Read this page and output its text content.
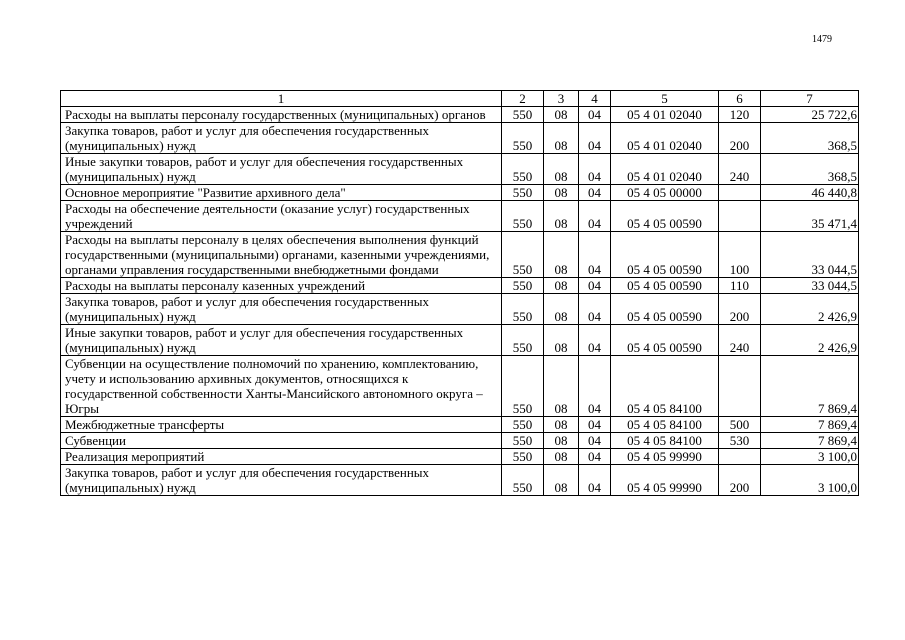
1479
1	2	3	4	5	6	7
Расходы на выплаты персоналу государственных (муниципальных) органов	550	08	04	05 4 01 02040	120	25 722,6
Закупка товаров, работ и услуг для обеспечения государственных (муниципальных) нужд	550	08	04	05 4 01 02040	200	368,5
Иные закупки товаров, работ и услуг для обеспечения государственных (муниципальных) нужд	550	08	04	05 4 01 02040	240	368,5
Основное мероприятие "Развитие архивного дела"	550	08	04	05 4 05 00000		46 440,8
Расходы на обеспечение деятельности (оказание услуг) государственных учреждений	550	08	04	05 4 05 00590		35 471,4
Расходы на выплаты персоналу в целях обеспечения выполнения функций государственными (муниципальными) органами, казенными учреждениями, органами управления государственными внебюджетными фондами	550	08	04	05 4 05 00590	100	33 044,5
Расходы на выплаты персоналу казенных учреждений	550	08	04	05 4 05 00590	110	33 044,5
Закупка товаров, работ и услуг для обеспечения государственных (муниципальных) нужд	550	08	04	05 4 05 00590	200	2 426,9
Иные закупки товаров, работ и услуг для обеспечения государственных (муниципальных) нужд	550	08	04	05 4 05 00590	240	2 426,9
Субвенции на осуществление полномочий по хранению, комплектованию, учету и использованию архивных документов, относящихся к государственной собственности Ханты-Мансийского автономного округа – Югры	550	08	04	05 4 05 84100		7 869,4
Межбюджетные трансферты	550	08	04	05 4 05 84100	500	7 869,4
Субвенции	550	08	04	05 4 05 84100	530	7 869,4
Реализация мероприятий	550	08	04	05 4 05 99990		3 100,0
Закупка товаров, работ и услуг для обеспечения государственных (муниципальных) нужд	550	08	04	05 4 05 99990	200	3 100,0
